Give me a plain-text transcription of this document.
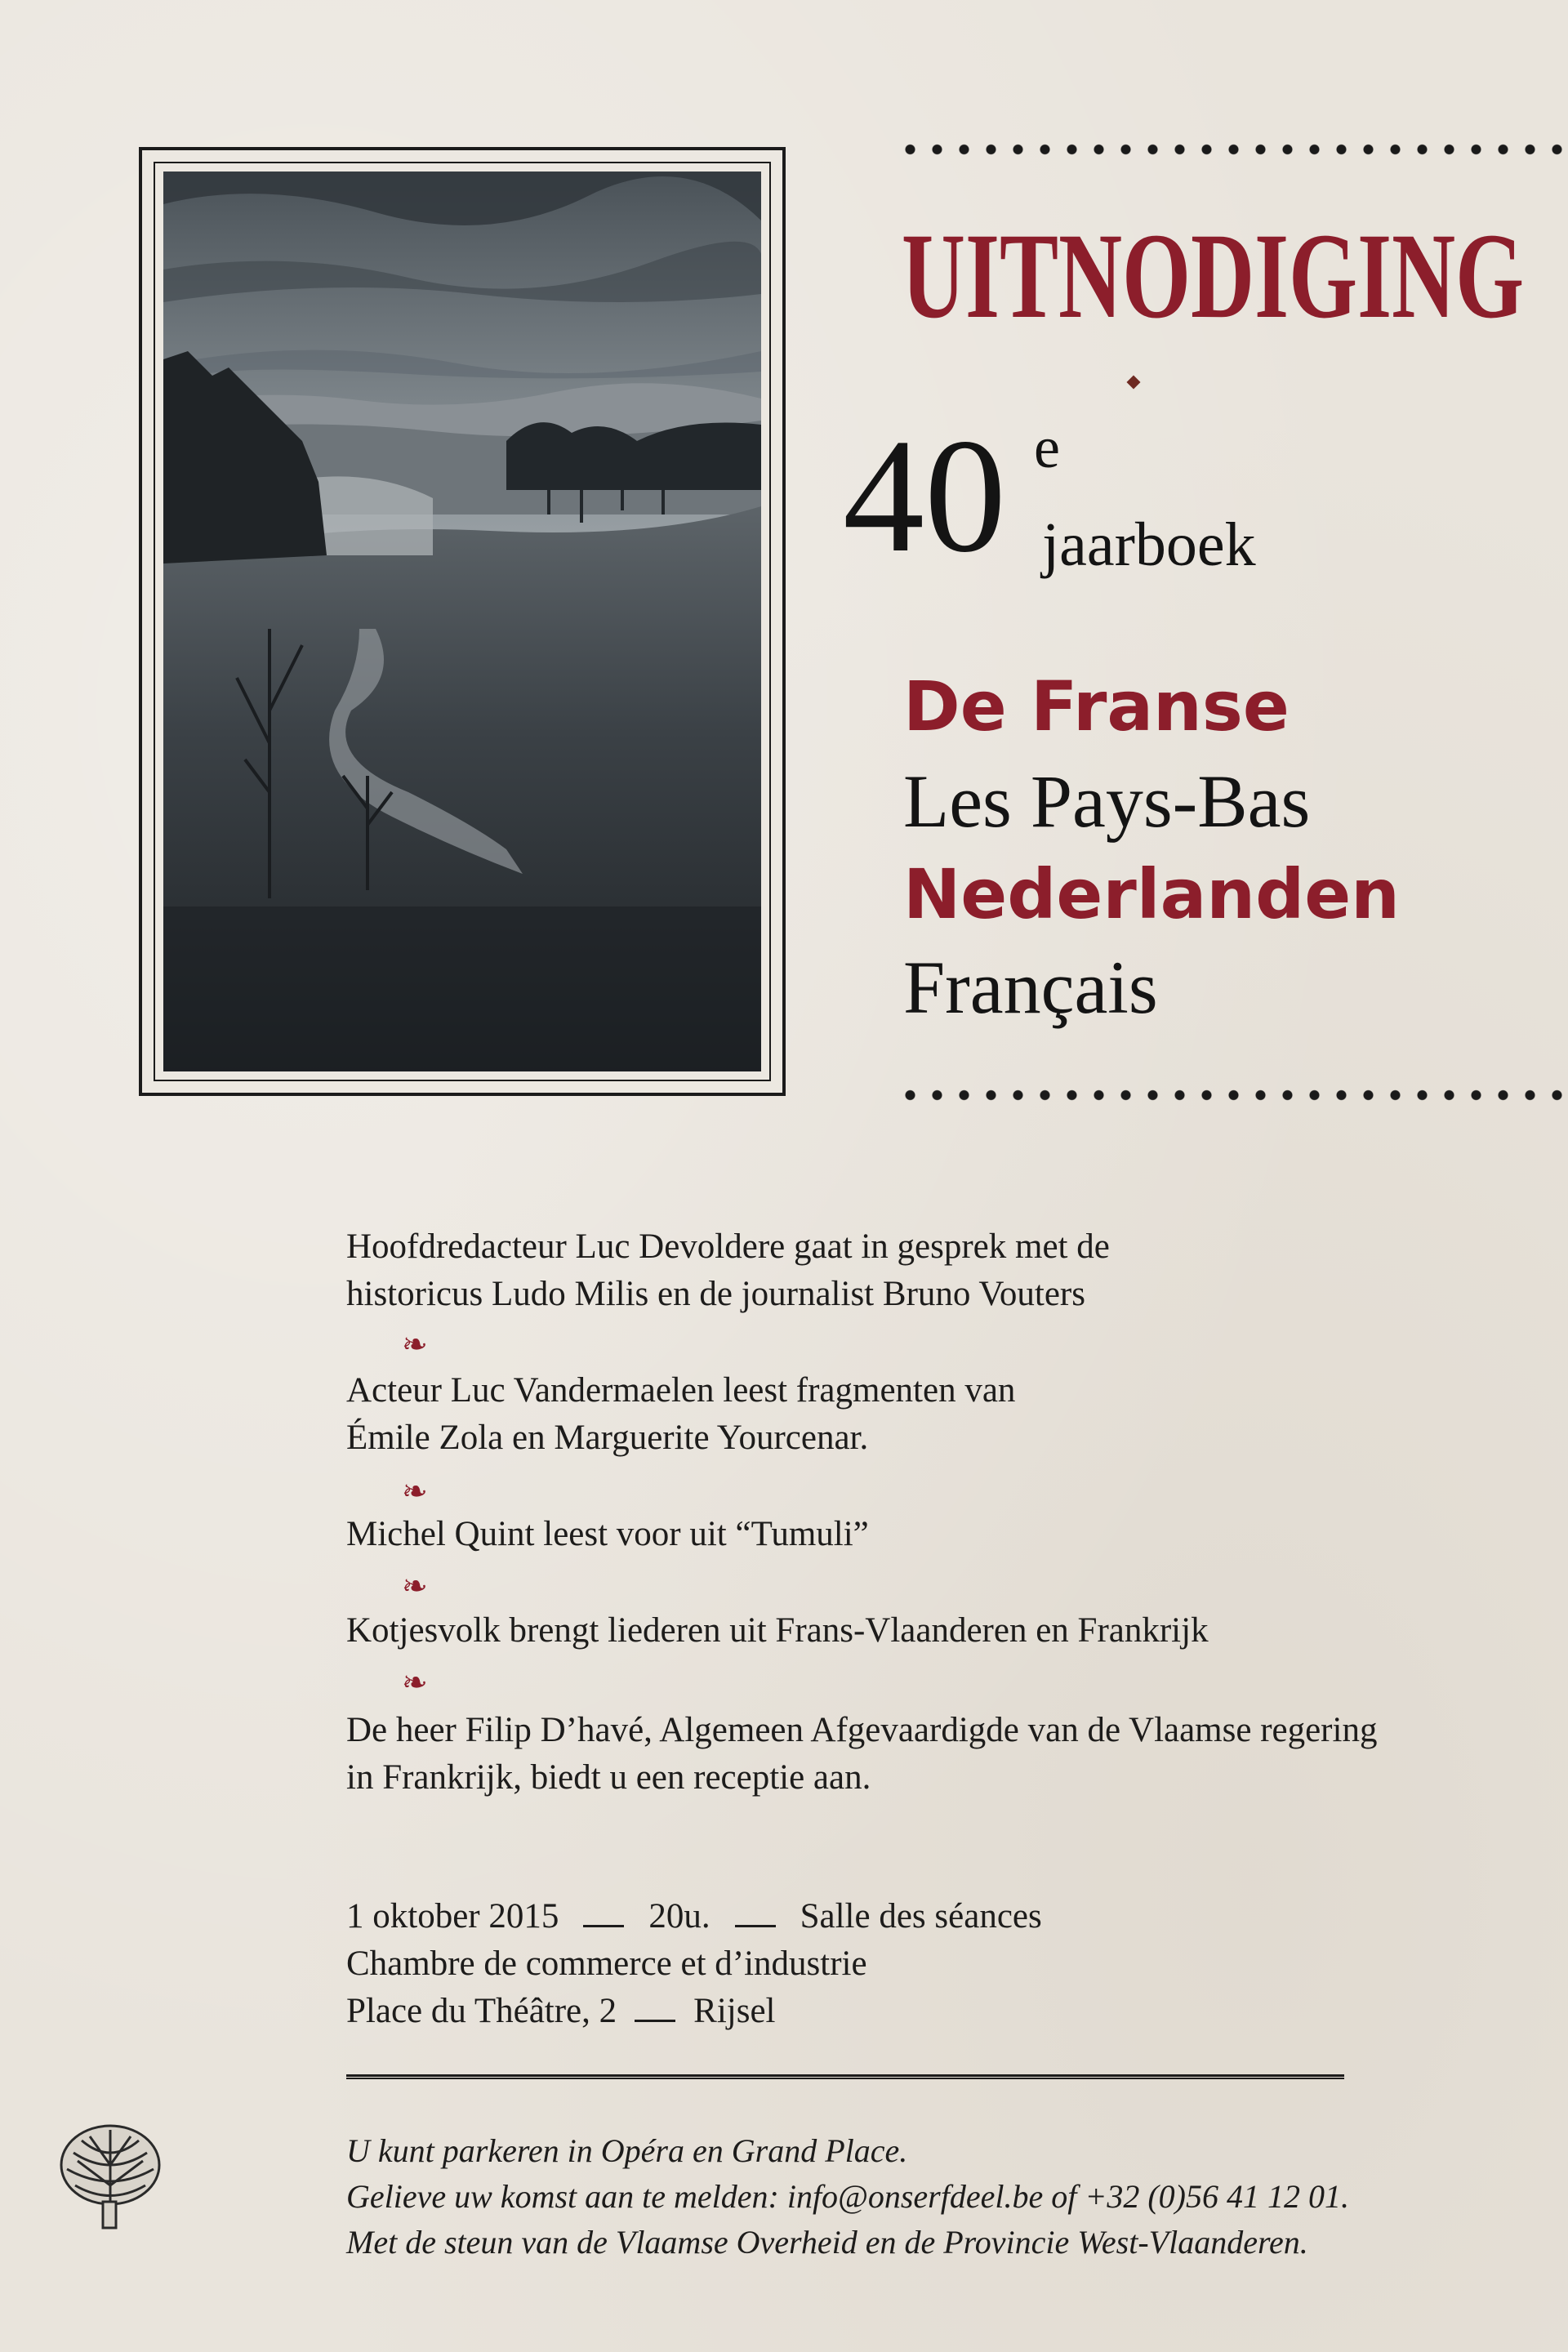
UITNODIGING
40 e
jaarboek
De Franse
Les Pays-Bas
Nederlanden
Français
Hoofdredacteur Luc Devoldere gaat in gesprek met de
historicus Ludo Milis en de journalist Bruno Vouters
❧
Acteur Luc Vandermaelen leest fragmenten van
Émile Zola en Marguerite Yourcenar.
❧
Michel Quint leest voor uit “Tumuli”
❧
Kotjesvolk brengt liederen uit Frans-Vlaanderen en Frankrijk
❧
De heer Filip D’havé, Algemeen Afgevaardigde van de Vlaamse regering
in Frankrijk, biedt u een receptie aan.
1 oktober 2015	20u.	Salle des séances
Chambre de commerce et d’industrie
Place du Théâtre, 2 Rijsel
U kunt parkeren in Opéra en Grand Place.
Gelieve uw komst aan te melden: info@onserfdeel.be of +32 (0)56 41 12 01.
Met de steun van de Vlaamse Overheid en de Provincie West-Vlaanderen.
